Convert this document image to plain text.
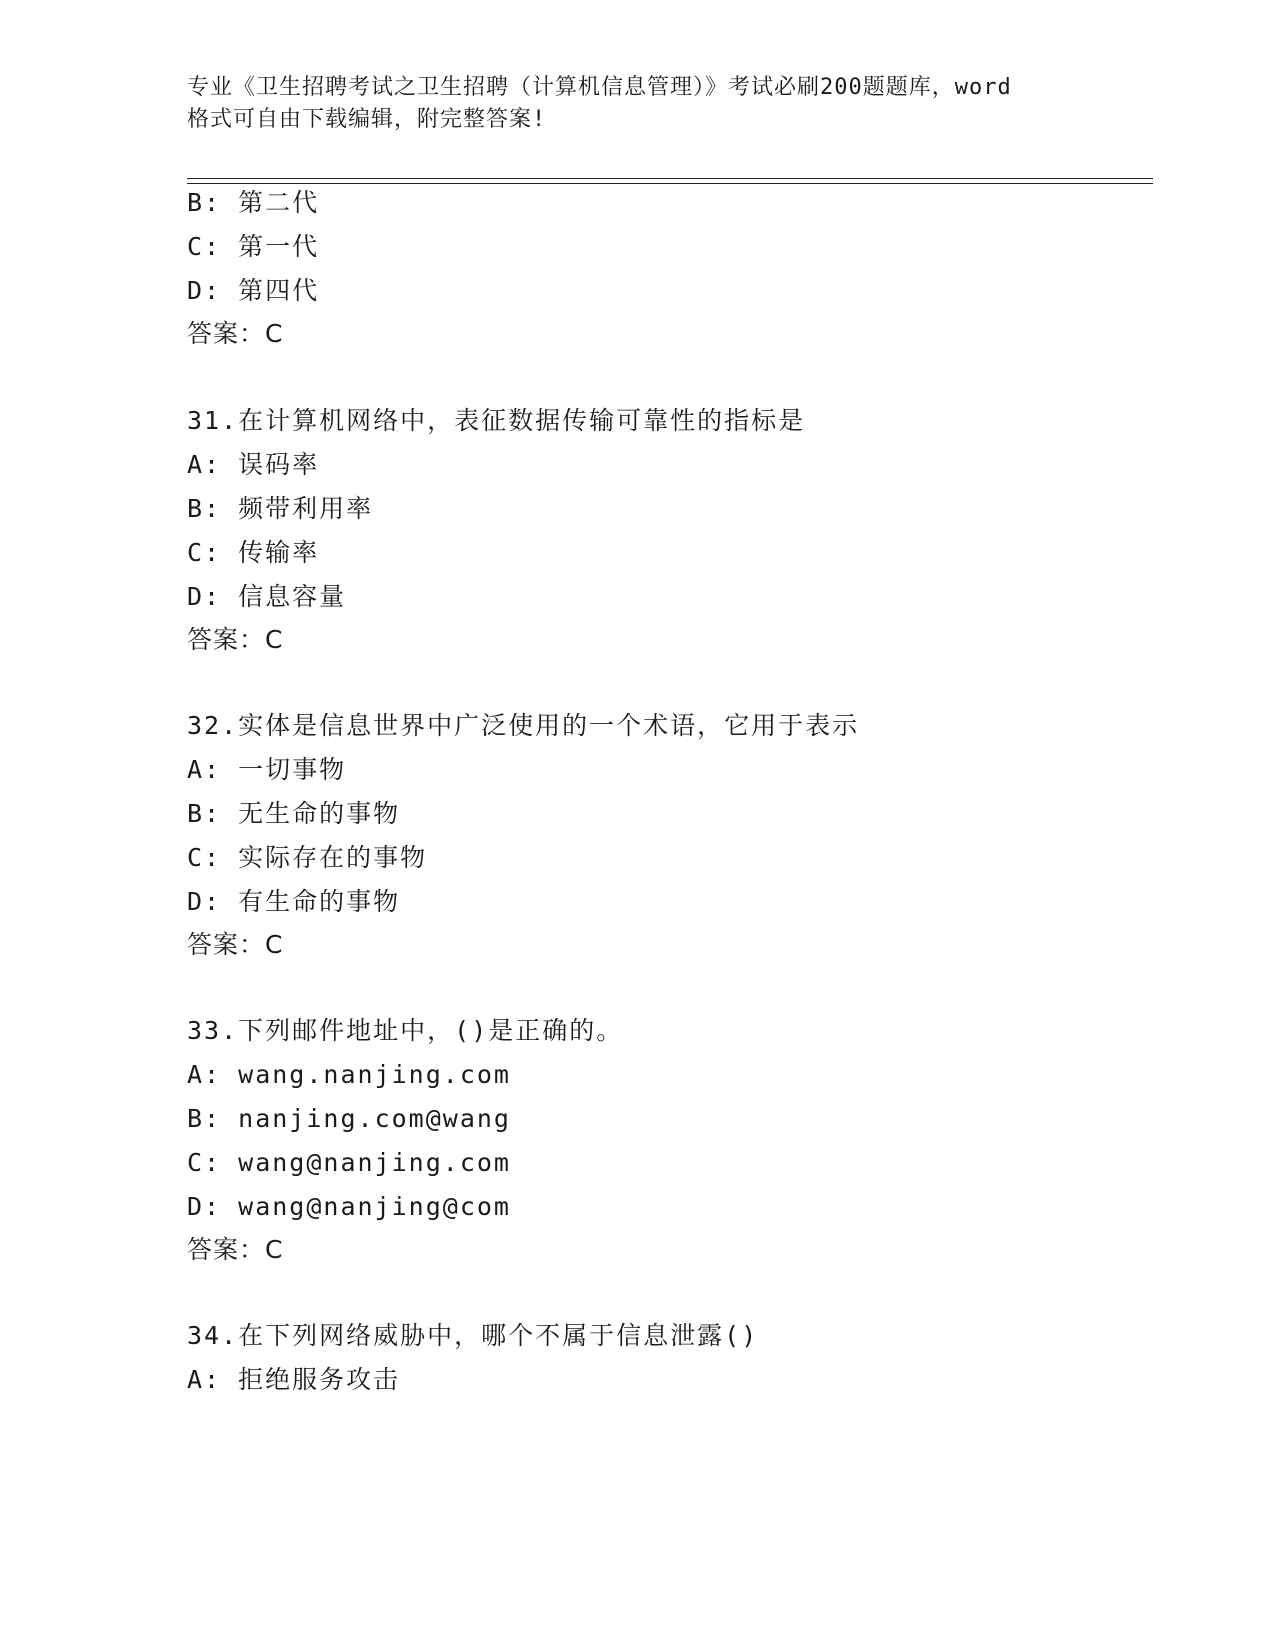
专业《卫生招聘考试之卫生招聘（计算机信息管理）》考试必刷200题题库，word
格式可自由下载编辑，附完整答案!
B: 第二代
C: 第一代
D: 第四代
答案：C
31.在计算机网络中，表征数据传输可靠性的指标是
A: 误码率
B: 频带利用率
C: 传输率
D: 信息容量
答案：C
32.实体是信息世界中广泛使用的一个术语，它用于表示
A: 一切事物
B: 无生命的事物
C: 实际存在的事物
D: 有生命的事物
答案：C
33.下列邮件地址中，()是正确的。
A: wang.nanjing.com
B: nanjing.com@wang
C: wang@nanjing.com
D: wang@nanjing@com
答案：C
34.在下列网络威胁中，哪个不属于信息泄露()
A: 拒绝服务攻击
